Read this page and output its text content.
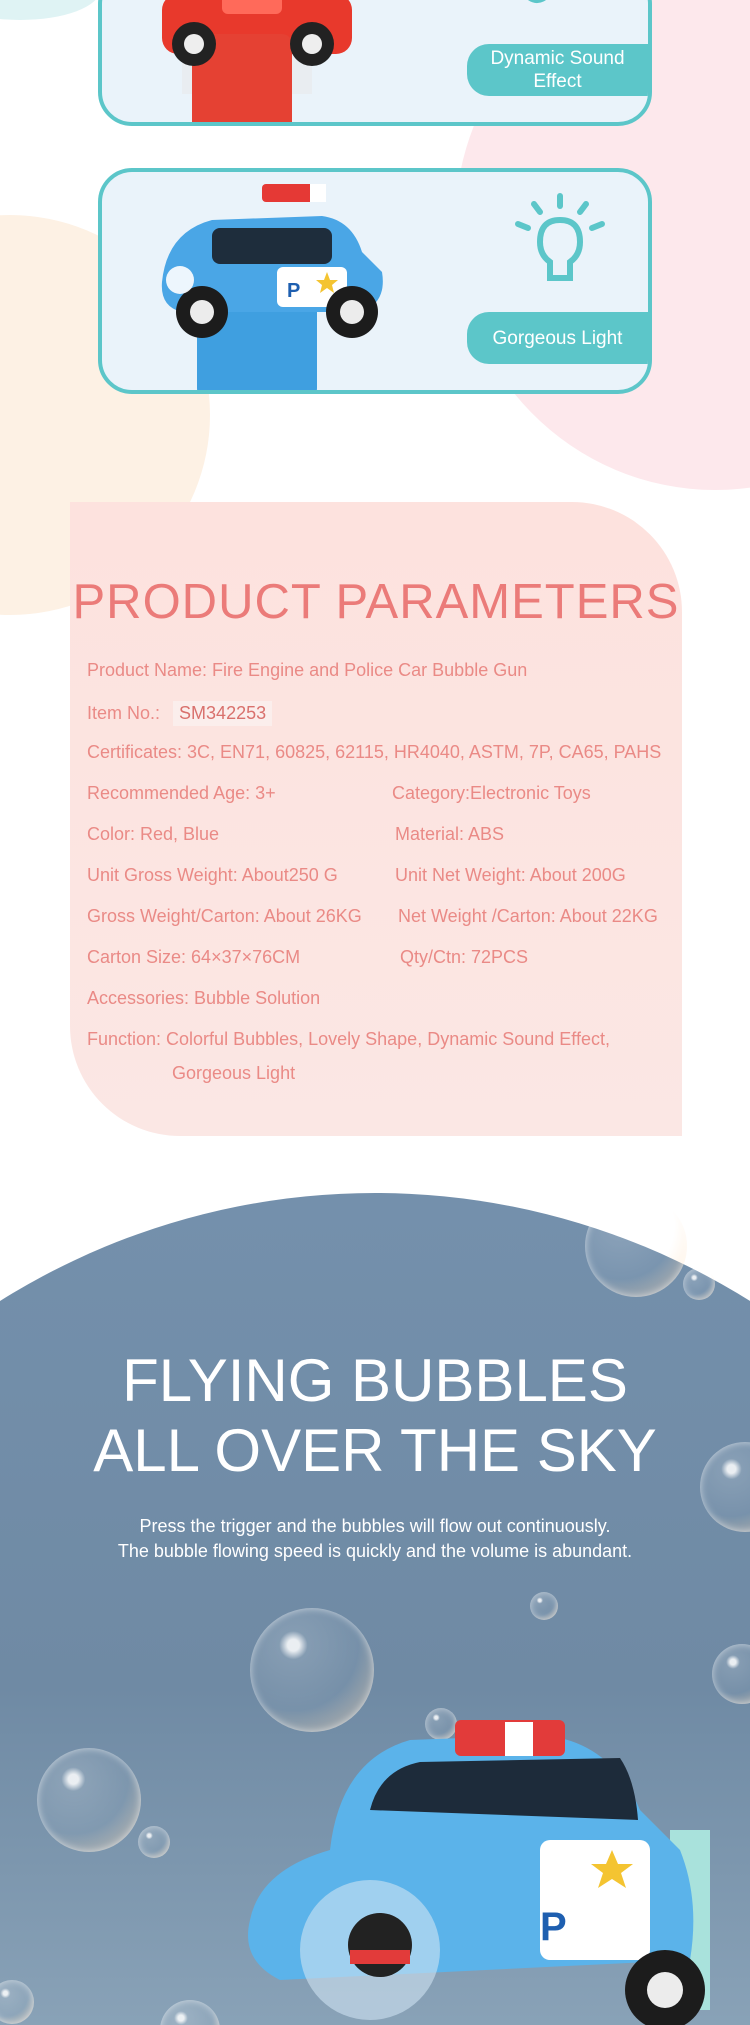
Dynamic Sound Effect
P
Gorgeous Light
PRODUCT PARAMETERS
Product Name: Fire Engine and Police Car Bubble Gun
Item No.: SM342253
Certificates: 3C, EN71, 60825, 62115, HR4040, ASTM, 7P, CA65, PAHS
Recommended Age: 3+	Category:Electronic Toys
Color: Red, Blue	Material: ABS
Unit Gross Weight: About250 G	Unit Net Weight: About 200G
Gross Weight/Carton: About 26KG Net Weight /Carton: About 22KG
Carton Size: 64×37×76CM	Qty/Ctn: 72PCS
Accessories: Bubble Solution
Function: Colorful Bubbles, Lovely Shape, Dynamic Sound Effect,
Gorgeous Light
FLYING BUBBLES
ALL OVER THE SKY
Press the trigger and the bubbles will flow out continuously.
The bubble flowing speed is quickly and the volume is abundant.
P
